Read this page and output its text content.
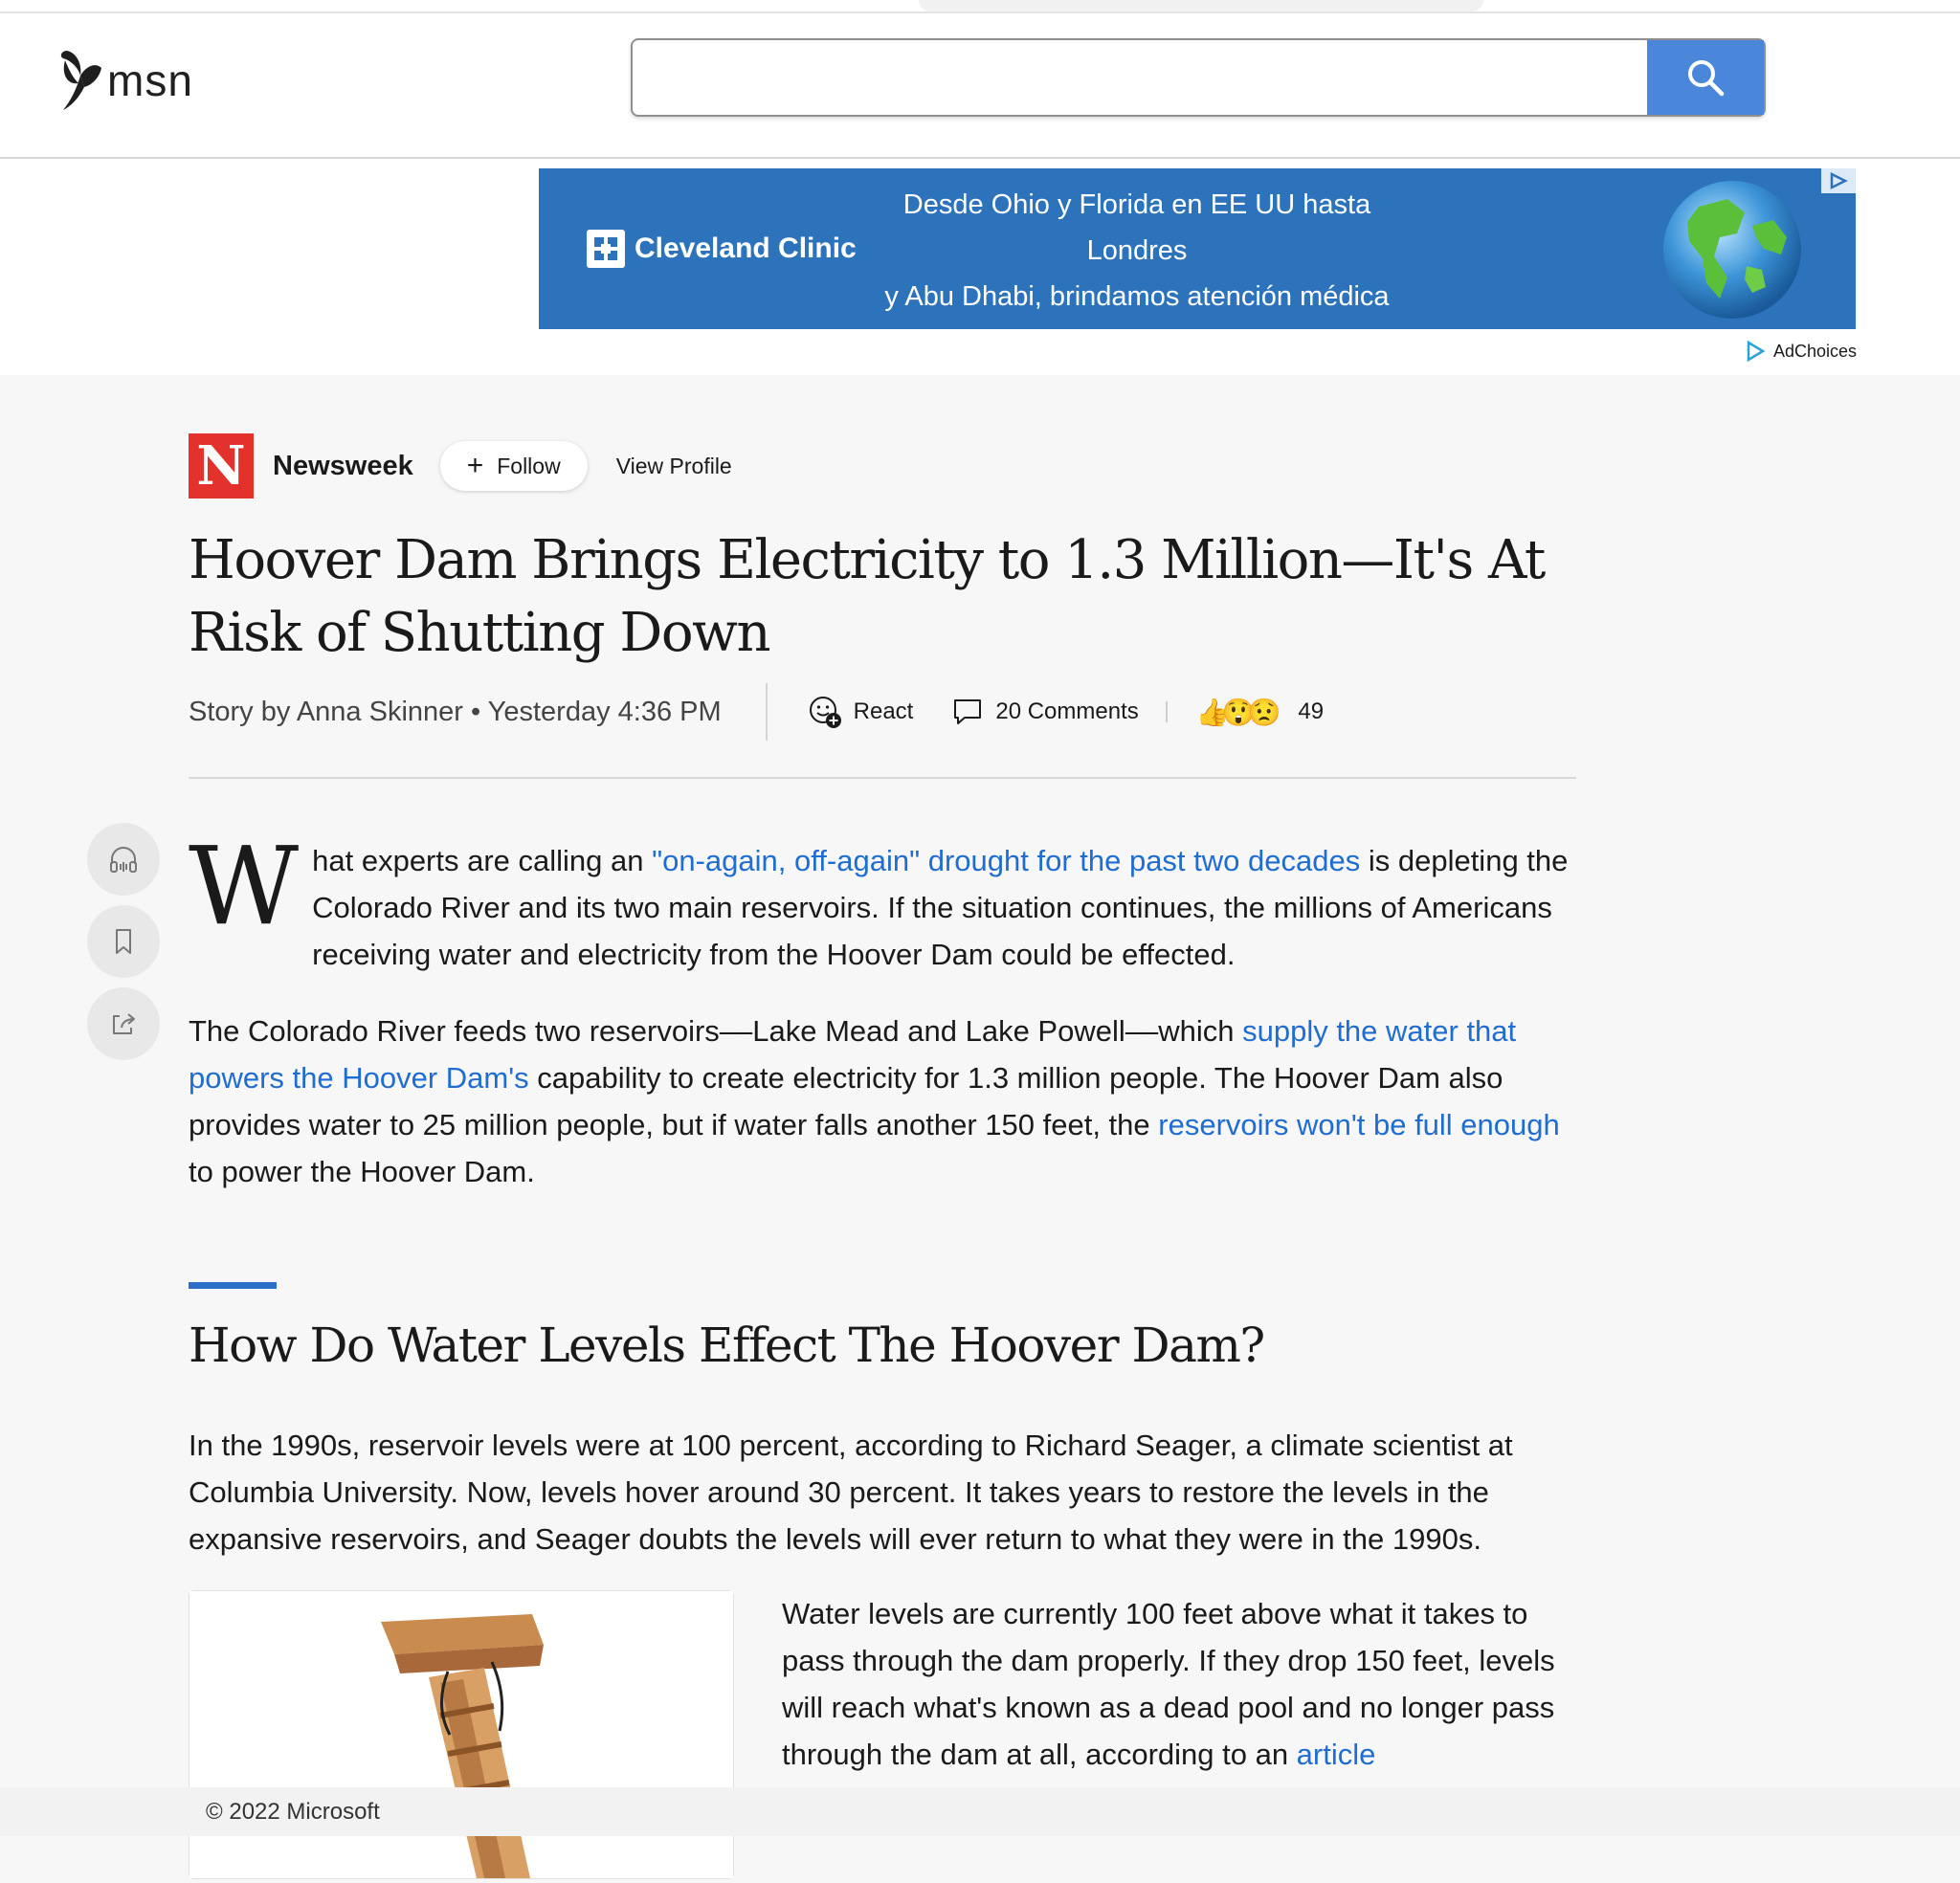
msn
Cleveland Clinic
Desde Ohio y Florida en EE UU hasta Londres
y Abu Dhabi, brindamos atención médica
de categoría mundial en todo el mundo.	AdChoices
N Newsweek + Follow	View Profile
Hoover Dam Brings Electricity to 1.3 Million—It's At Risk of Shutting Down
Story by Anna Skinner • Yesterday 4:36 PM	React	20 Comments 👍
😲
😟 49

What experts are calling an "on-again, off-again" drought for the past two decades is depleting the Colorado River and its two main reservoirs. If the situation continues, the millions of Americans receiving water and electricity from the Hoover Dam could be effected.

The Colorado River feeds two reservoirs––Lake Mead and Lake Powell––which supply the water that powers the Hoover Dam's capability to create electricity for 1.3 million people. The Hoover Dam also provides water to 25 million people, but if water falls another 150 feet, the reservoirs won't be full enough to power the Hoover Dam.

How Do Water Levels Effect The Hoover Dam?

In the 1990s, reservoir levels were at 100 percent, according to Richard Seager, a climate scientist at Columbia University. Now, levels hover around 30 percent. It takes years to restore the levels in the expansive reservoirs, and Seager doubts the levels will ever return to what they were in the 1990s.

Water levels are currently 100 feet above what it takes to pass through the dam properly. If they drop 150 feet, levels will reach what's known as a dead pool and no longer pass through the dam at all, according to an article

© 2022 Microsoft
